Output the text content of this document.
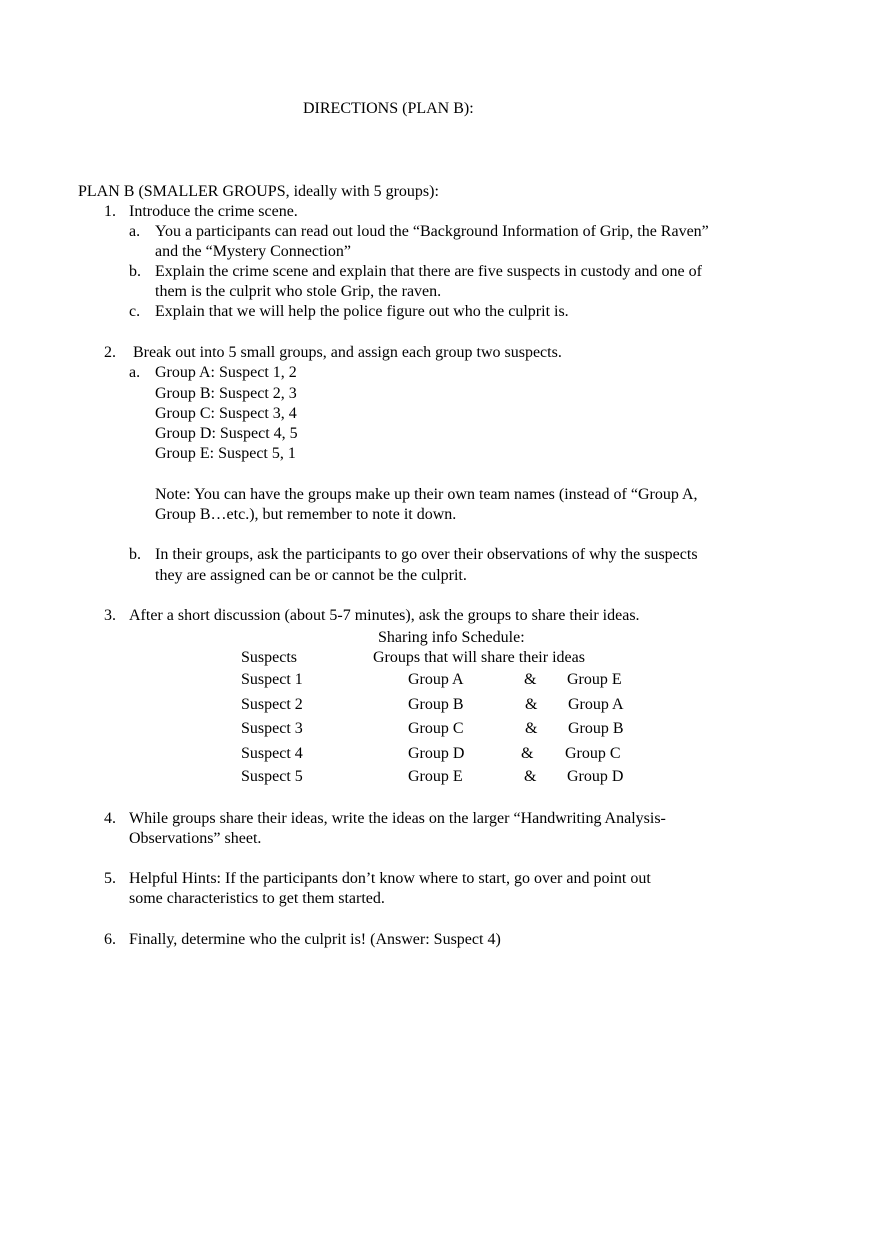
DIRECTIONS (PLAN B):
PLAN B (SMALLER GROUPS, ideally with 5 groups):
1. Introduce the crime scene.
a. You a participants can read out loud the “Background Information of Grip, the Raven”
and the “Mystery Connection”
b. Explain the crime scene and explain that there are five suspects in custody and one of
them is the culprit who stole Grip, the raven.
c. Explain that we will help the police figure out who the culprit is.
2. Break out into 5 small groups, and assign each group two suspects.
a. Group A: Suspect 1, 2
Group B: Suspect 2, 3
Group C: Suspect 3, 4
Group D: Suspect 4, 5
Group E: Suspect 5, 1
Note: You can have the groups make up their own team names (instead of “Group A,
Group B…etc.), but remember to note it down.
b. In their groups, ask the participants to go over their observations of why the suspects
they are assigned can be or cannot be the culprit.
3. After a short discussion (about 5-7 minutes), ask the groups to share their ideas.
Sharing info Schedule:
Suspects	Groups that will share their ideas
Suspect 1	Group A	& Group E
Suspect 2	Group B	& Group A
Suspect 3	Group C	& Group B
Suspect 4	Group D	& Group C
Suspect 5	Group E	& Group D
4. While groups share their ideas, write the ideas on the larger “Handwriting Analysis-
Observations” sheet.
5. Helpful Hints: If the participants don’t know where to start, go over and point out
some characteristics to get them started.
6. Finally, determine who the culprit is! (Answer: Suspect 4)
